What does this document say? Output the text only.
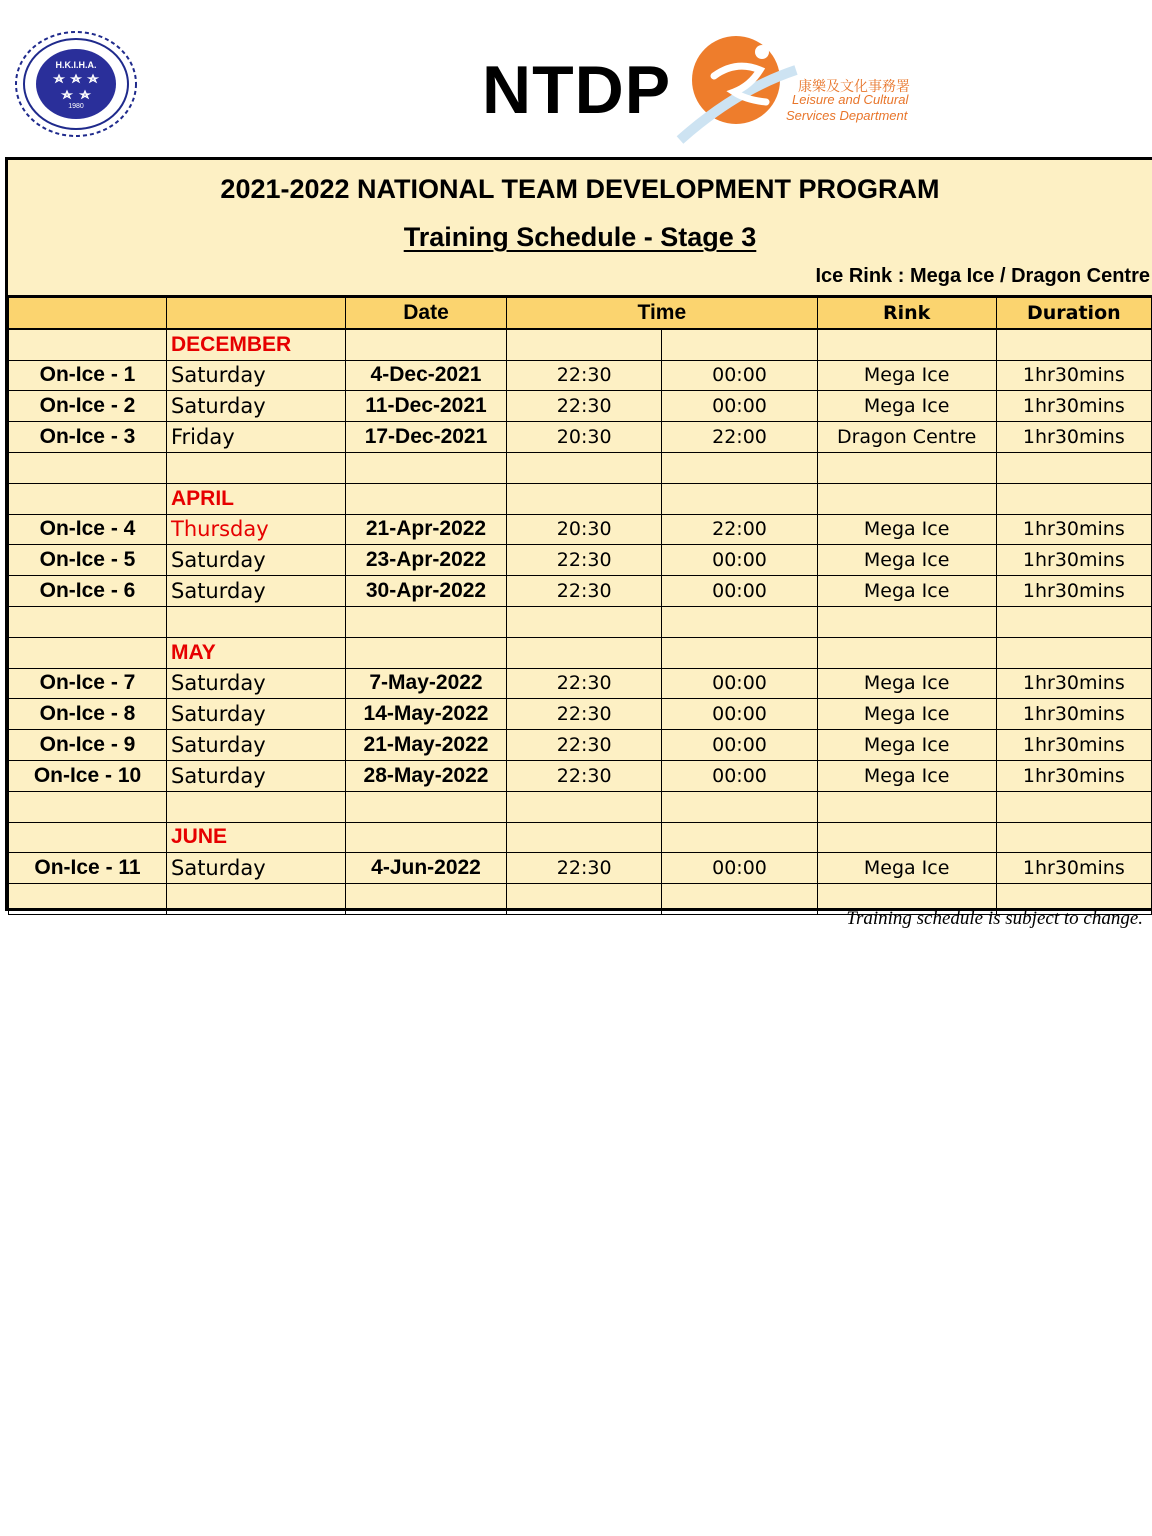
H.K.I.H.A.
1980	NTDP	康樂及文化事務署
Leisure and Cultural
Services Department
2021-2022 NATIONAL TEAM DEVELOPMENT PROGRAM
Training Schedule - Stage 3
Ice Rink : Mega Ice / Dragon Centre
		Date	Time		Rink	Duration
	DECEMBER					
On-Ice - 1	Saturday	4-Dec-2021	22:30	00:00	Mega Ice	1hr30mins
On-Ice - 2	Saturday	11-Dec-2021	22:30	00:00	Mega Ice	1hr30mins
On-Ice - 3	Friday	17-Dec-2021	20:30	22:00	Dragon Centre	1hr30mins

	APRIL					
On-Ice - 4	Thursday	21-Apr-2022	20:30	22:00	Mega Ice	1hr30mins
On-Ice - 5	Saturday	23-Apr-2022	22:30	00:00	Mega Ice	1hr30mins
On-Ice - 6	Saturday	30-Apr-2022	22:30	00:00	Mega Ice	1hr30mins

	MAY					
On-Ice - 7	Saturday	7-May-2022	22:30	00:00	Mega Ice	1hr30mins
On-Ice - 8	Saturday	14-May-2022	22:30	00:00	Mega Ice	1hr30mins
On-Ice - 9	Saturday	21-May-2022	22:30	00:00	Mega Ice	1hr30mins
On-Ice - 10	Saturday	28-May-2022	22:30	00:00	Mega Ice	1hr30mins

	JUNE					
On-Ice - 11	Saturday	4-Jun-2022	22:30	00:00	Mega Ice	1hr30mins

Training schedule is subject to change.
